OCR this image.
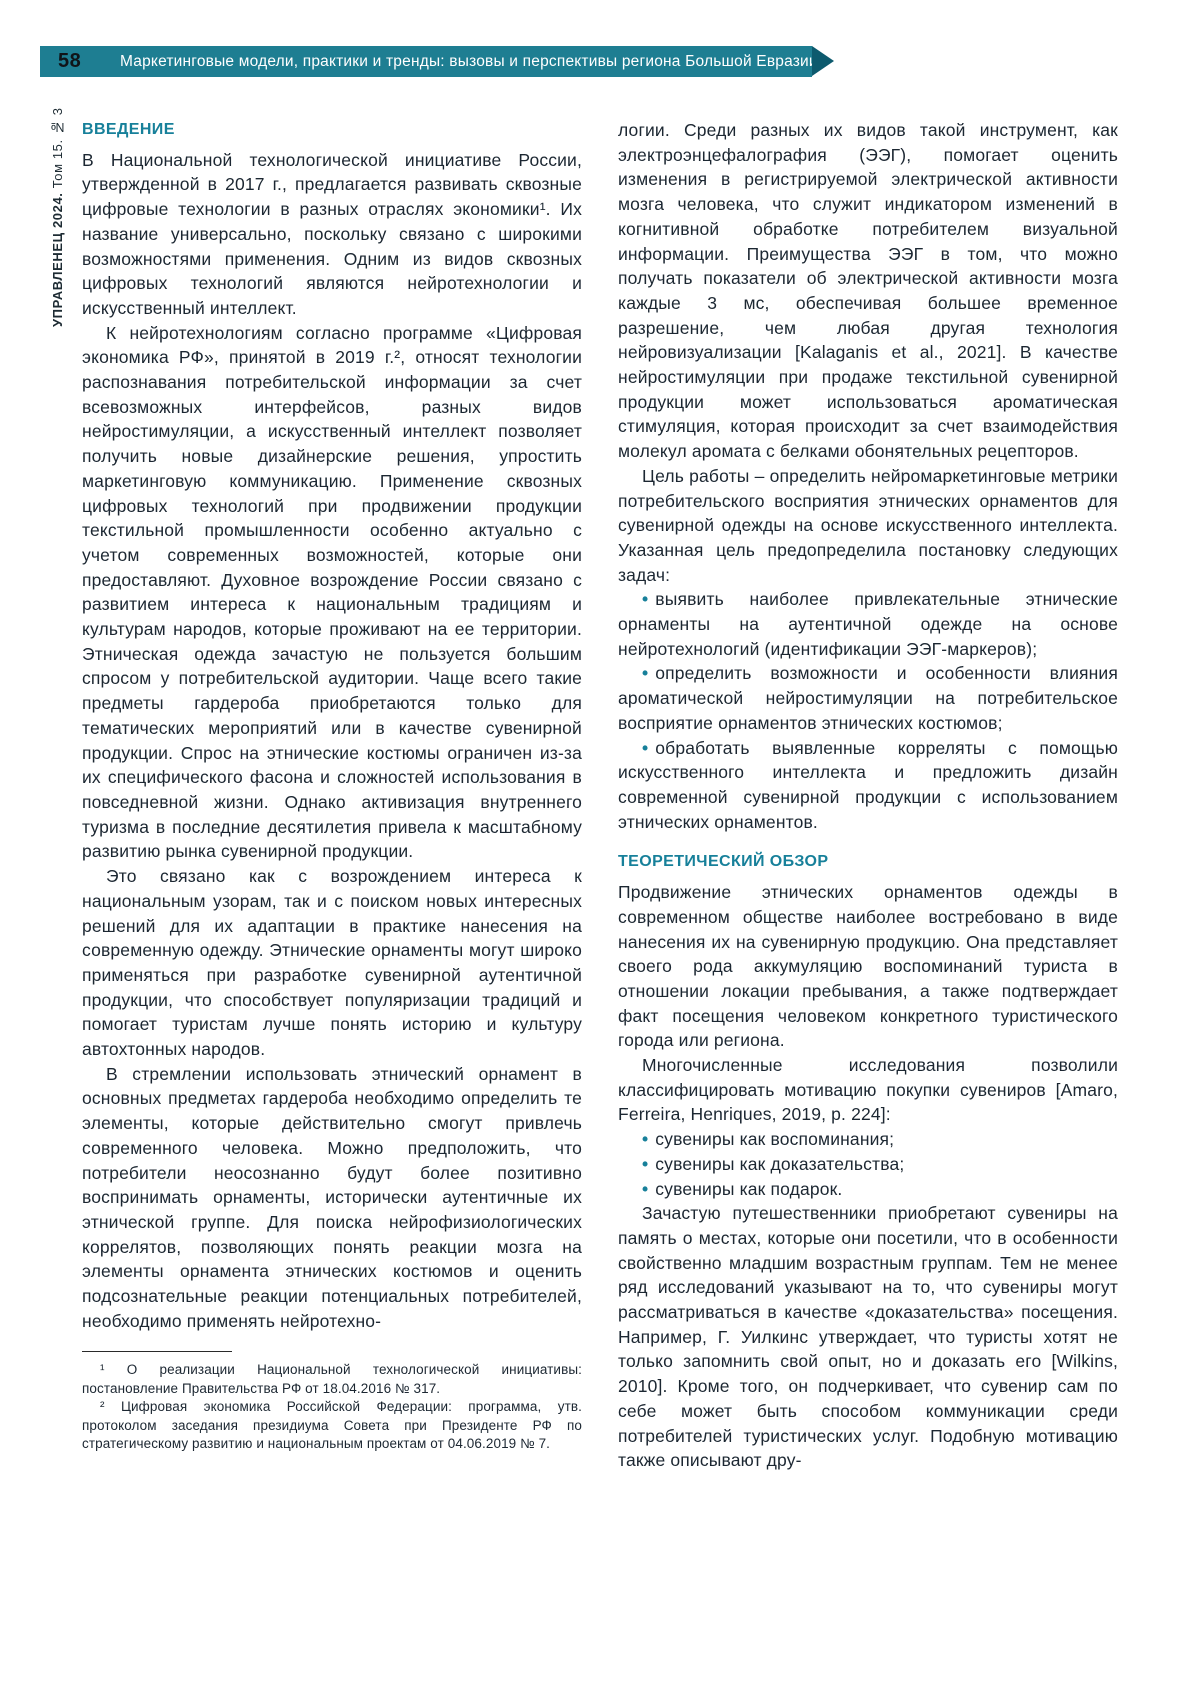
58	Маркетинговые модели, практики и тренды: вызовы и перспективы региона Большой Евразии
УПРАВЛЕНЕЦ 2024. Том 15. № 3 ВВЕДЕНИЕ

В Национальной технологической инициативе России, утвержденной в 2017 г., предлагается развивать сквозные цифровые технологии в разных отраслях экономики¹. Их название универсально, поскольку связано с широкими возможностями применения. Одним из видов сквозных цифровых технологий являются нейротехнологии и искусственный интеллект.

К нейротехнологиям согласно программе «Цифровая экономика РФ», принятой в 2019 г.², относят технологии распознавания потребительской информации за счет всевозможных интерфейсов, разных видов нейростимуляции, а искусственный интеллект позволяет получить новые дизайнерские решения, упростить маркетинговую коммуникацию. Применение сквозных цифровых технологий при продвижении продукции текстильной промышленности особенно актуально с учетом современных возможностей, которые они предоставляют. Духовное возрождение России связано с развитием интереса к национальным традициям и культурам народов, которые проживают на ее территории. Этническая одежда зачастую не пользуется большим спросом у потребительской аудитории. Чаще всего такие предметы гардероба приобретаются только для тематических мероприятий или в качестве сувенирной продукции. Спрос на этнические костюмы ограничен из-за их специфического фасона и сложностей использования в повседневной жизни. Однако активизация внутреннего туризма в последние десятилетия привела к масштабному развитию рынка сувенирной продукции.

Это связано как с возрождением интереса к национальным узорам, так и с поиском новых интересных решений для их адаптации в практике нанесения на современную одежду. Этнические орнаменты могут широко применяться при разработке сувенирной аутентичной продукции, что способствует популяризации традиций и помогает туристам лучше понять историю и культуру автохтонных народов.

В стремлении использовать этнический орнамент в основных предметах гардероба необходимо определить те элементы, которые действительно смогут привлечь современного человека. Можно предположить, что потребители неосознанно будут более позитивно воспринимать орнаменты, исторически аутентичные их этнической группе. Для поиска нейрофизиологических коррелятов, позволяющих понять реакции мозга на элементы орнамента этнических костюмов и оценить подсознательные реакции потенциальных потребителей, необходимо применять нейротехно-

¹ О реализации Национальной технологической инициативы: постановление Правительства РФ от 18.04.2016 № 317.

² Цифровая экономика Российской Федерации: программа, утв. протоколом заседания президиума Совета при Президенте РФ по стратегическому развитию и национальным проектам от 04.06.2019 № 7.

логии. Среди разных их видов такой инструмент, как электроэнцефалография (ЭЭГ), помогает оценить изменения в регистрируемой электрической активности мозга человека, что служит индикатором изменений в когнитивной обработке потребителем визуальной информации. Преимущества ЭЭГ в том, что можно получать показатели об электрической активности мозга каждые 3 мс, обеспечивая большее временное разрешение, чем любая другая технология нейровизуализации [Kalaganis et al., 2021]. В качестве нейростимуляции при продаже текстильной сувенирной продукции может использоваться ароматическая стимуляция, которая происходит за счет взаимодействия молекул аромата с белками обонятельных рецепторов.

Цель работы – определить нейромаркетинговые метрики потребительского восприятия этнических орнаментов для сувенирной одежды на основе искусственного интеллекта. Указанная цель предопределила постановку следующих задач:

• выявить наиболее привлекательные этнические орнаменты на аутентичной одежде на основе нейротехнологий (идентификации ЭЭГ-маркеров);

• определить возможности и особенности влияния ароматической нейростимуляции на потребительское восприятие орнаментов этнических костюмов;

• обработать выявленные корреляты с помощью искусственного интеллекта и предложить дизайн современной сувенирной продукции с использованием этнических орнаментов.

ТЕОРЕТИЧЕСКИЙ ОБЗОР

Продвижение этнических орнаментов одежды в современном обществе наиболее востребовано в виде нанесения их на сувенирную продукцию. Она представляет своего рода аккумуляцию воспоминаний туриста в отношении локации пребывания, а также подтверждает факт посещения человеком конкретного туристического города или региона.

Многочисленные исследования позволили классифицировать мотивацию покупки сувениров [Amaro, Ferreira, Henriques, 2019, p. 224]:

• сувениры как воспоминания;

• сувениры как доказательства;

• сувениры как подарок.

Зачастую путешественники приобретают сувениры на память о местах, которые они посетили, что в особенности свойственно младшим возрастным группам. Тем не менее ряд исследований указывают на то, что сувениры могут рассматриваться в качестве «доказательства» посещения. Например, Г. Уилкинс утверждает, что туристы хотят не только запомнить свой опыт, но и доказать его [Wilkins, 2010]. Кроме того, он подчеркивает, что сувенир сам по себе может быть способом коммуникации среди потребителей туристических услуг. Подобную мотивацию также описывают дру-
